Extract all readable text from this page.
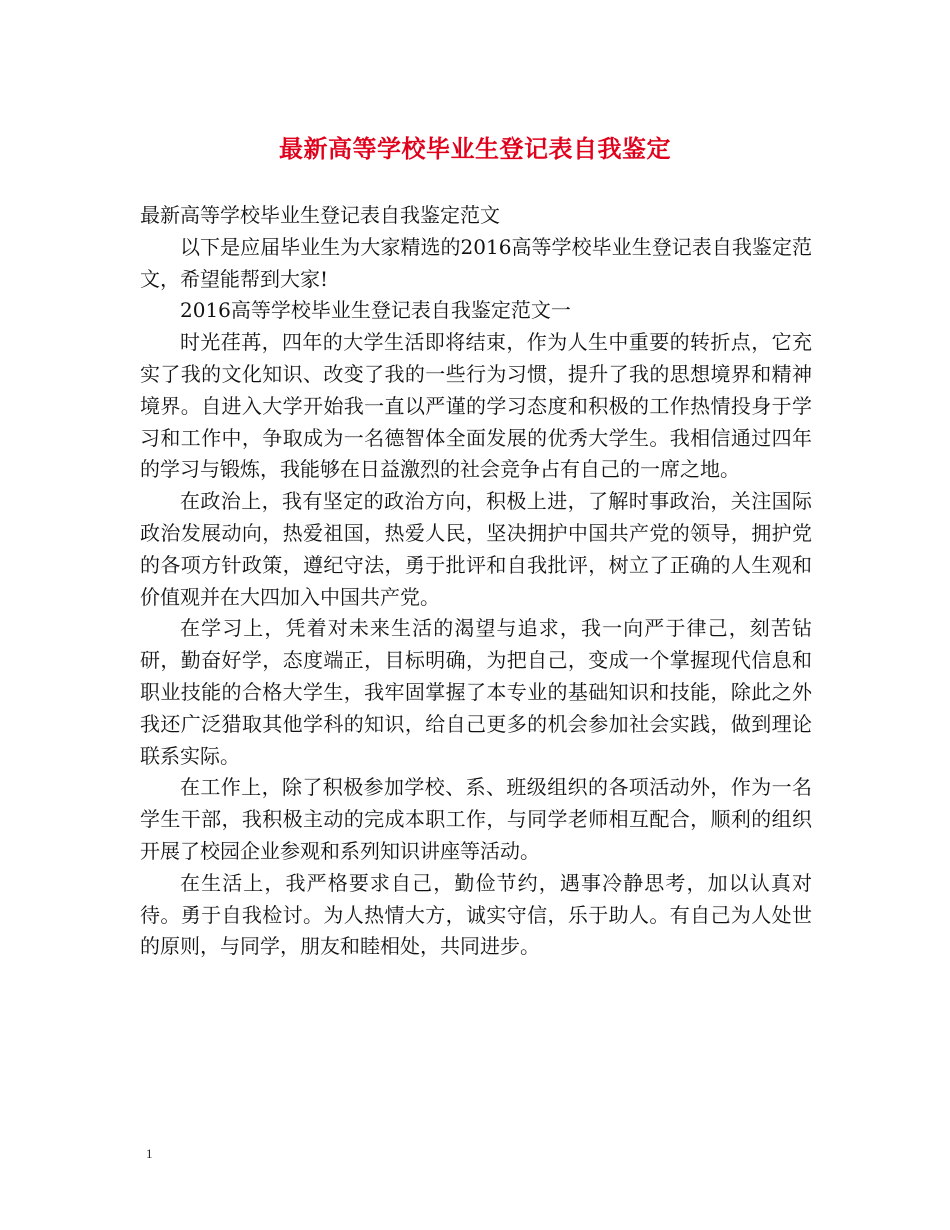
最新高等学校毕业生登记表自我鉴定

最新高等学校毕业生登记表自我鉴定范文

以下是应届毕业生为大家精选的2016高等学校毕业生登记表自我鉴定范文，希望能帮到大家!

2016高等学校毕业生登记表自我鉴定范文一

时光荏苒，四年的大学生活即将结束，作为人生中重要的转折点，它充实了我的文化知识、改变了我的一些行为习惯，提升了我的思想境界和精神境界。自进入大学开始我一直以严谨的学习态度和积极的工作热情投身于学习和工作中，争取成为一名德智体全面发展的优秀大学生。我相信通过四年的学习与锻炼，我能够在日益激烈的社会竞争占有自己的一席之地。

在政治上，我有坚定的政治方向，积极上进，了解时事政治，关注国际政治发展动向，热爱祖国，热爱人民，坚决拥护中国共产党的领导，拥护党的各项方针政策，遵纪守法，勇于批评和自我批评，树立了正确的人生观和价值观并在大四加入中国共产党。

在学习上，凭着对未来生活的渴望与追求，我一向严于律己，刻苦钻研，勤奋好学，态度端正，目标明确，为把自己，变成一个掌握现代信息和职业技能的合格大学生，我牢固掌握了本专业的基础知识和技能，除此之外我还广泛猎取其他学科的知识，给自己更多的机会参加社会实践，做到理论联系实际。

在工作上，除了积极参加学校、系、班级组织的各项活动外，作为一名学生干部，我积极主动的完成本职工作，与同学老师相互配合，顺利的组织开展了校园企业参观和系列知识讲座等活动。

在生活上，我严格要求自己，勤俭节约，遇事冷静思考，加以认真对待。勇于自我检讨。为人热情大方，诚实守信，乐于助人。有自己为人处世的原则，与同学，朋友和睦相处，共同进步。

1
